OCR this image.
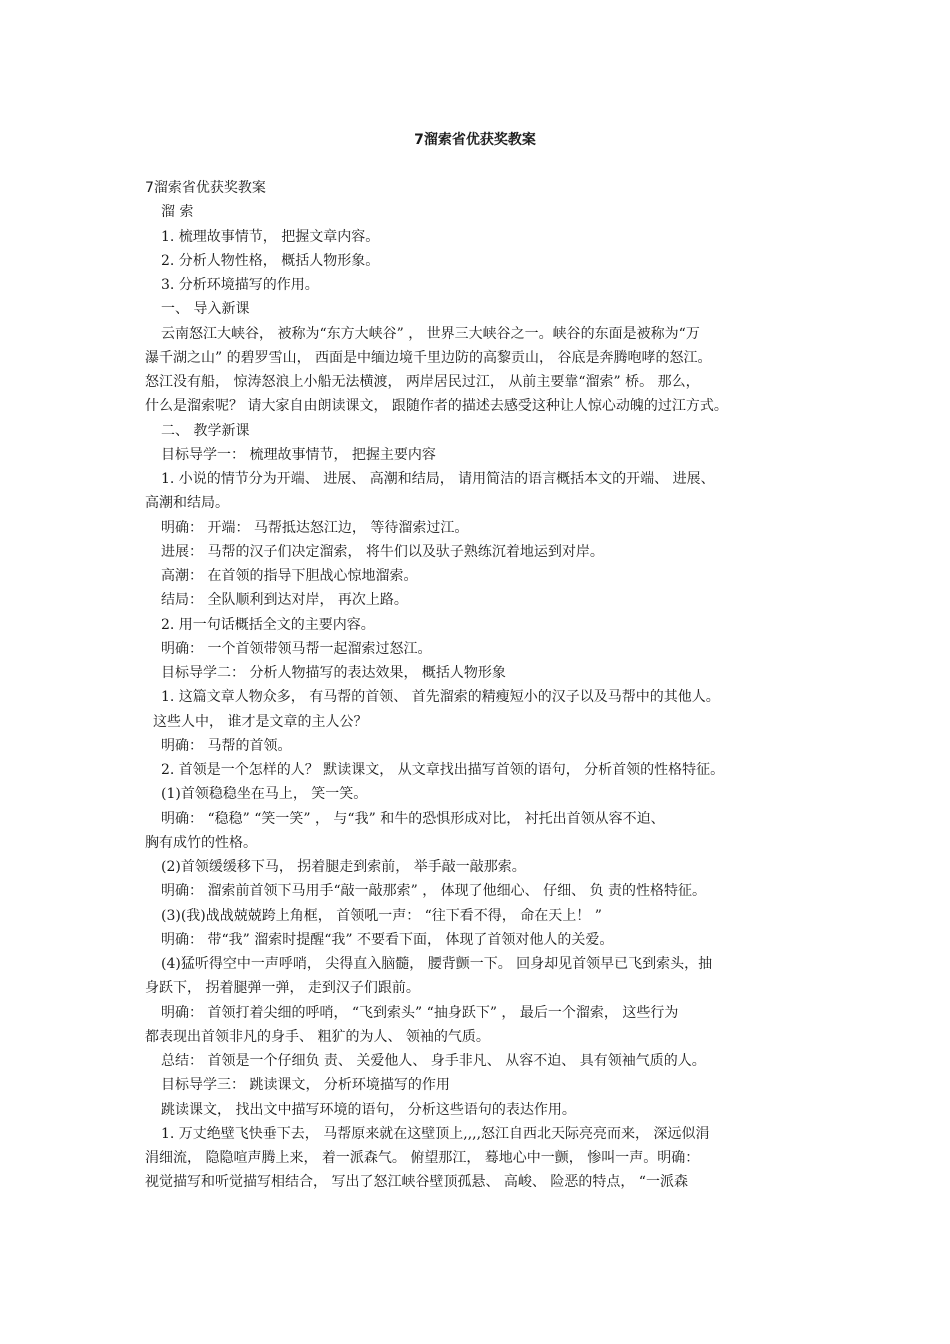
7溜索省优获奖教案
7溜索省优获奖教案
溜 索
1. 梳理故事情节， 把握文章内容。
2. 分析人物性格， 概括人物形象。
3. 分析环境描写的作用。
一、 导入新课
云南怒江大峡谷， 被称为“东方大峡谷” ， 世界三大峡谷之一。峡谷的东面是被称为“万
瀑千湖之山” 的碧罗雪山， 西面是中缅边境千里边防的高黎贡山， 谷底是奔腾咆哮的怒江。
怒江没有船， 惊涛怒浪上小船无法横渡， 两岸居民过江， 从前主要靠“溜索” 桥。 那么，
什么是溜索呢？ 请大家自由朗读课文， 跟随作者的描述去感受这种让人惊心动魄的过江方式。
二、 教学新课
目标导学一： 梳理故事情节， 把握主要内容
1. 小说的情节分为开端、 进展、 高潮和结局， 请用简洁的语言概括本文的开端、 进展、
高潮和结局。
明确： 开端： 马帮抵达怒江边， 等待溜索过江。
进展： 马帮的汉子们决定溜索， 将牛们以及驮子熟练沉着地运到对岸。
高潮： 在首领的指导下胆战心惊地溜索。
结局： 全队顺利到达对岸， 再次上路。
2. 用一句话概括全文的主要内容。
明确： 一个首领带领马帮一起溜索过怒江。
目标导学二： 分析人物描写的表达效果， 概括人物形象
1. 这篇文章人物众多， 有马帮的首领、 首先溜索的精瘦短小的汉子以及马帮中的其他人。
这些人中， 谁才是文章的主人公？
明确： 马帮的首领。
2. 首领是一个怎样的人？ 默读课文， 从文章找出描写首领的语句， 分析首领的性格特征。
(1)首领稳稳坐在马上， 笑一笑。
明确： “稳稳” “笑一笑” ， 与“我” 和牛的恐惧形成对比， 衬托出首领从容不迫、
胸有成竹的性格。
(2)首领缓缓移下马， 拐着腿走到索前， 举手敲一敲那索。
明确： 溜索前首领下马用手“敲一敲那索” ， 体现了他细心、 仔细、 负 责的性格特征。
(3)(我)战战兢兢跨上角框， 首领吼一声： “往下看不得， 命在天上！ ”
明确： 带“我” 溜索时提醒“我” 不要看下面， 体现了首领对他人的关爱。
(4)猛听得空中一声呼哨， 尖得直入脑髓， 腰背颤一下。 回身却见首领早已飞到索头，抽
身跃下， 拐着腿弹一弹， 走到汉子们跟前。
明确： 首领打着尖细的呼哨， “飞到索头” “抽身跃下” ， 最后一个溜索， 这些行为
都表现出首领非凡的身手、 粗犷的为人、 领袖的气质。
总结： 首领是一个仔细负 责、 关爱他人、 身手非凡、 从容不迫、 具有领袖气质的人。
目标导学三： 跳读课文， 分析环境描写的作用
跳读课文， 找出文中描写环境的语句， 分析这些语句的表达作用。
1. 万丈绝壁飞快垂下去， 马帮原来就在这壁顶上,,,,怒江自西北天际亮亮而来， 深远似涓
涓细流， 隐隐喧声腾上来， 着一派森气。 俯望那江， 蓦地心中一颤， 惨叫一声。明确：
视觉描写和听觉描写相结合， 写出了怒江峡谷壁顶孤悬、 高峻、 险恶的特点， “一派森
